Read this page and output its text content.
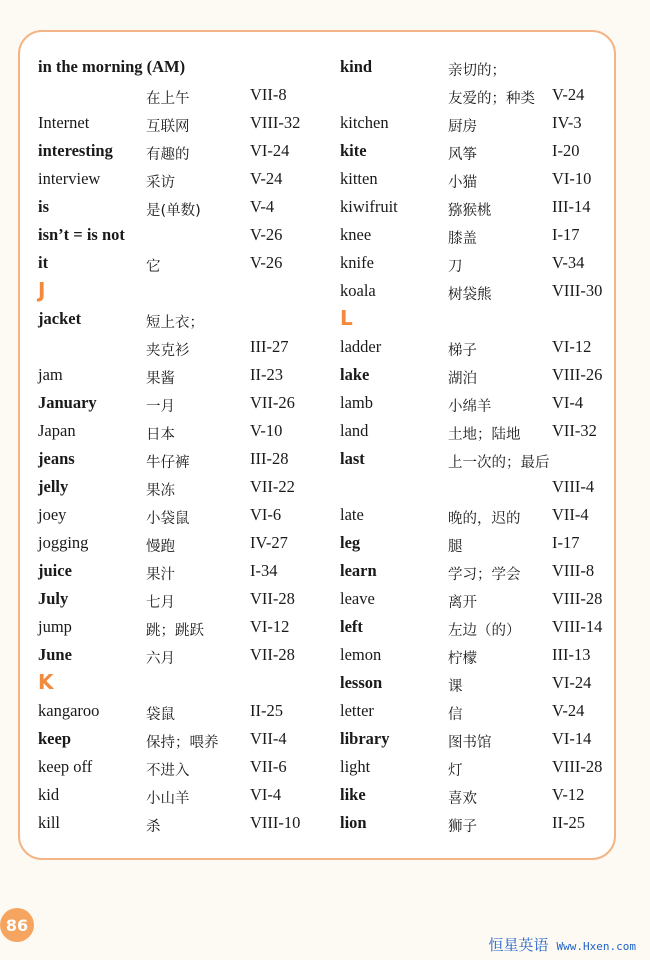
in the morning (AM)
在上午	VII-8
Internet	互联网	VIII-32
interesting 有趣的	VI-24
interview	采访	V-24
is	是(单数)	V-4
isn’t = is not	V-26
it	它	V-26
J
jacket	短上衣；
夹克衫	III-27
jam	果酱	II-23
January	一月	VII-26
Japan	日本	V-10
jeans	牛仔裤	III-28
jelly	果冻	VII-22
joey	小袋鼠	VI-6
jogging	慢跑	IV-27
juice	果汁	I-34
July	七月	VII-28
jump	跳；跳跃	VI-12
June	六月	VII-28
K
kangaroo	袋鼠	II-25
keep	保持；喂养 VII-4
keep off	不进入	VII-6
kid	小山羊	VI-4
kill	杀	VIII-10
kind	亲切的；
友爱的；种类 V-24
kitchen	厨房	IV-3
kite	风筝	I-20
kitten	小猫	VI-10
kiwifruit	猕猴桃	III-14
knee	膝盖	I-17
knife	刀	V-34
koala	树袋熊	VIII-30
L
ladder	梯子	VI-12
lake	湖泊	VIII-26
lamb	小绵羊	VI-4
land	土地；陆地 VII-32
last	上一次的；最后
VIII-4
late	晚的，迟的 VII-4
leg	腿	I-17
learn	学习；学会 VIII-8
leave	离开	VIII-28
left	左边（的） VIII-14
lemon	柠檬	III-13
lesson	课	VI-24
letter	信	V-24
library	图书馆	VI-14
light	灯	VIII-28
like	喜欢	V-12
lion	狮子	II-25
86
恒星英语 Www.Hxen.com
